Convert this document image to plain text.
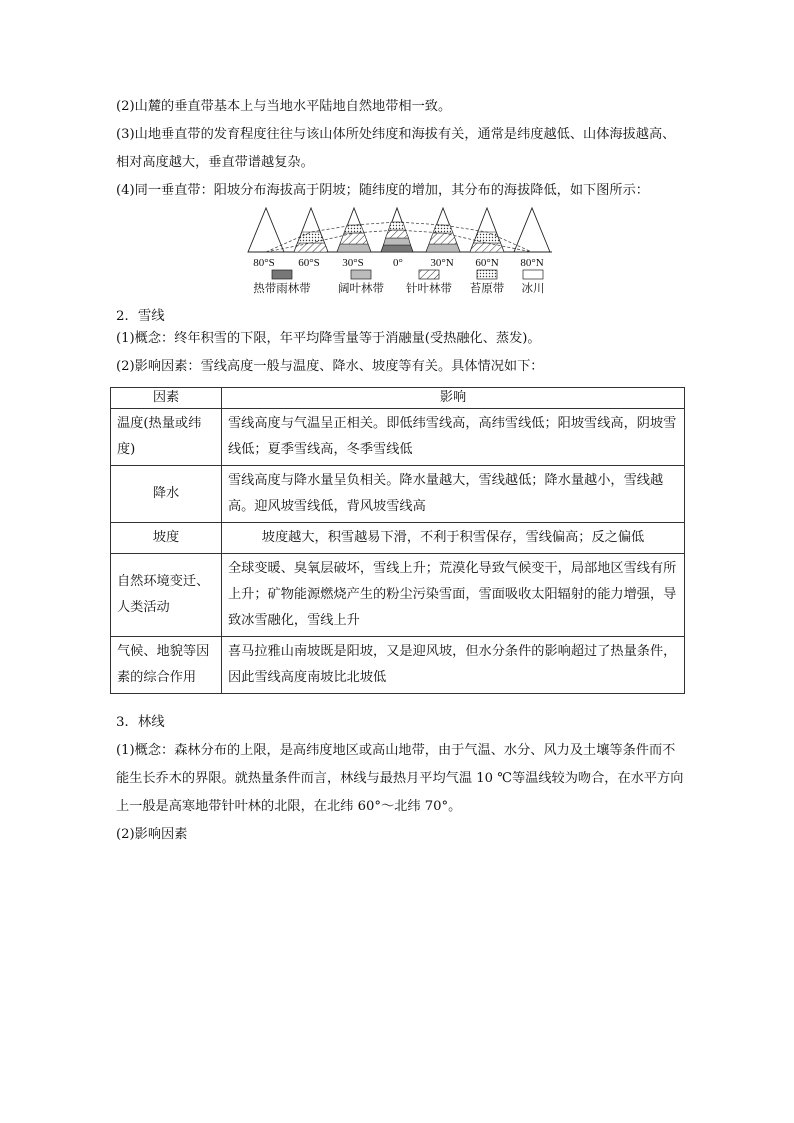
(2)山麓的垂直带基本上与当地水平陆地自然地带相一致。
(3)山地垂直带的发育程度往往与该山体所处纬度和海拔有关，通常是纬度越低、山体海拔越高、相对高度越大，垂直带谱越复杂。
(4)同一垂直带：阳坡分布海拔高于阴坡；随纬度的增加，其分布的海拔降低，如下图所示：
80°S 60°S 30°S	0° 30°N 60°N 80°N
热带雨林带 阔叶林带 针叶林带 苔原带 冰川
2．雪线
(1)概念：终年积雪的下限，年平均降雪量等于消融量(受热融化、蒸发)。
(2)影响因素：雪线高度一般与温度、降水、坡度等有关。具体情况如下：
因素	影响
温度(热量或纬度)	雪线高度与气温呈正相关。即低纬雪线高，高纬雪线低；阳坡雪线高，阴坡雪线低；夏季雪线高，冬季雪线低
降水	雪线高度与降水量呈负相关。降水量越大，雪线越低；降水量越小，雪线越高。迎风坡雪线低，背风坡雪线高
坡度	坡度越大，积雪越易下滑，不利于积雪保存，雪线偏高；反之偏低
自然环境变迁、人类活动	全球变暖、臭氧层破坏，雪线上升；荒漠化导致气候变干，局部地区雪线有所上升；矿物能源燃烧产生的粉尘污染雪面，雪面吸收太阳辐射的能力增强，导致冰雪融化，雪线上升
气候、地貌等因素的综合作用	喜马拉雅山南坡既是阳坡，又是迎风坡，但水分条件的影响超过了热量条件，因此雪线高度南坡比北坡低
3．林线
(1)概念：森林分布的上限，是高纬度地区或高山地带，由于气温、水分、风力及土壤等条件而不能生长乔木的界限。就热量条件而言，林线与最热月平均气温 10 ℃等温线较为吻合，在水平方向上一般是高寒地带针叶林的北限，在北纬 60°～北纬 70°。
(2)影响因素
